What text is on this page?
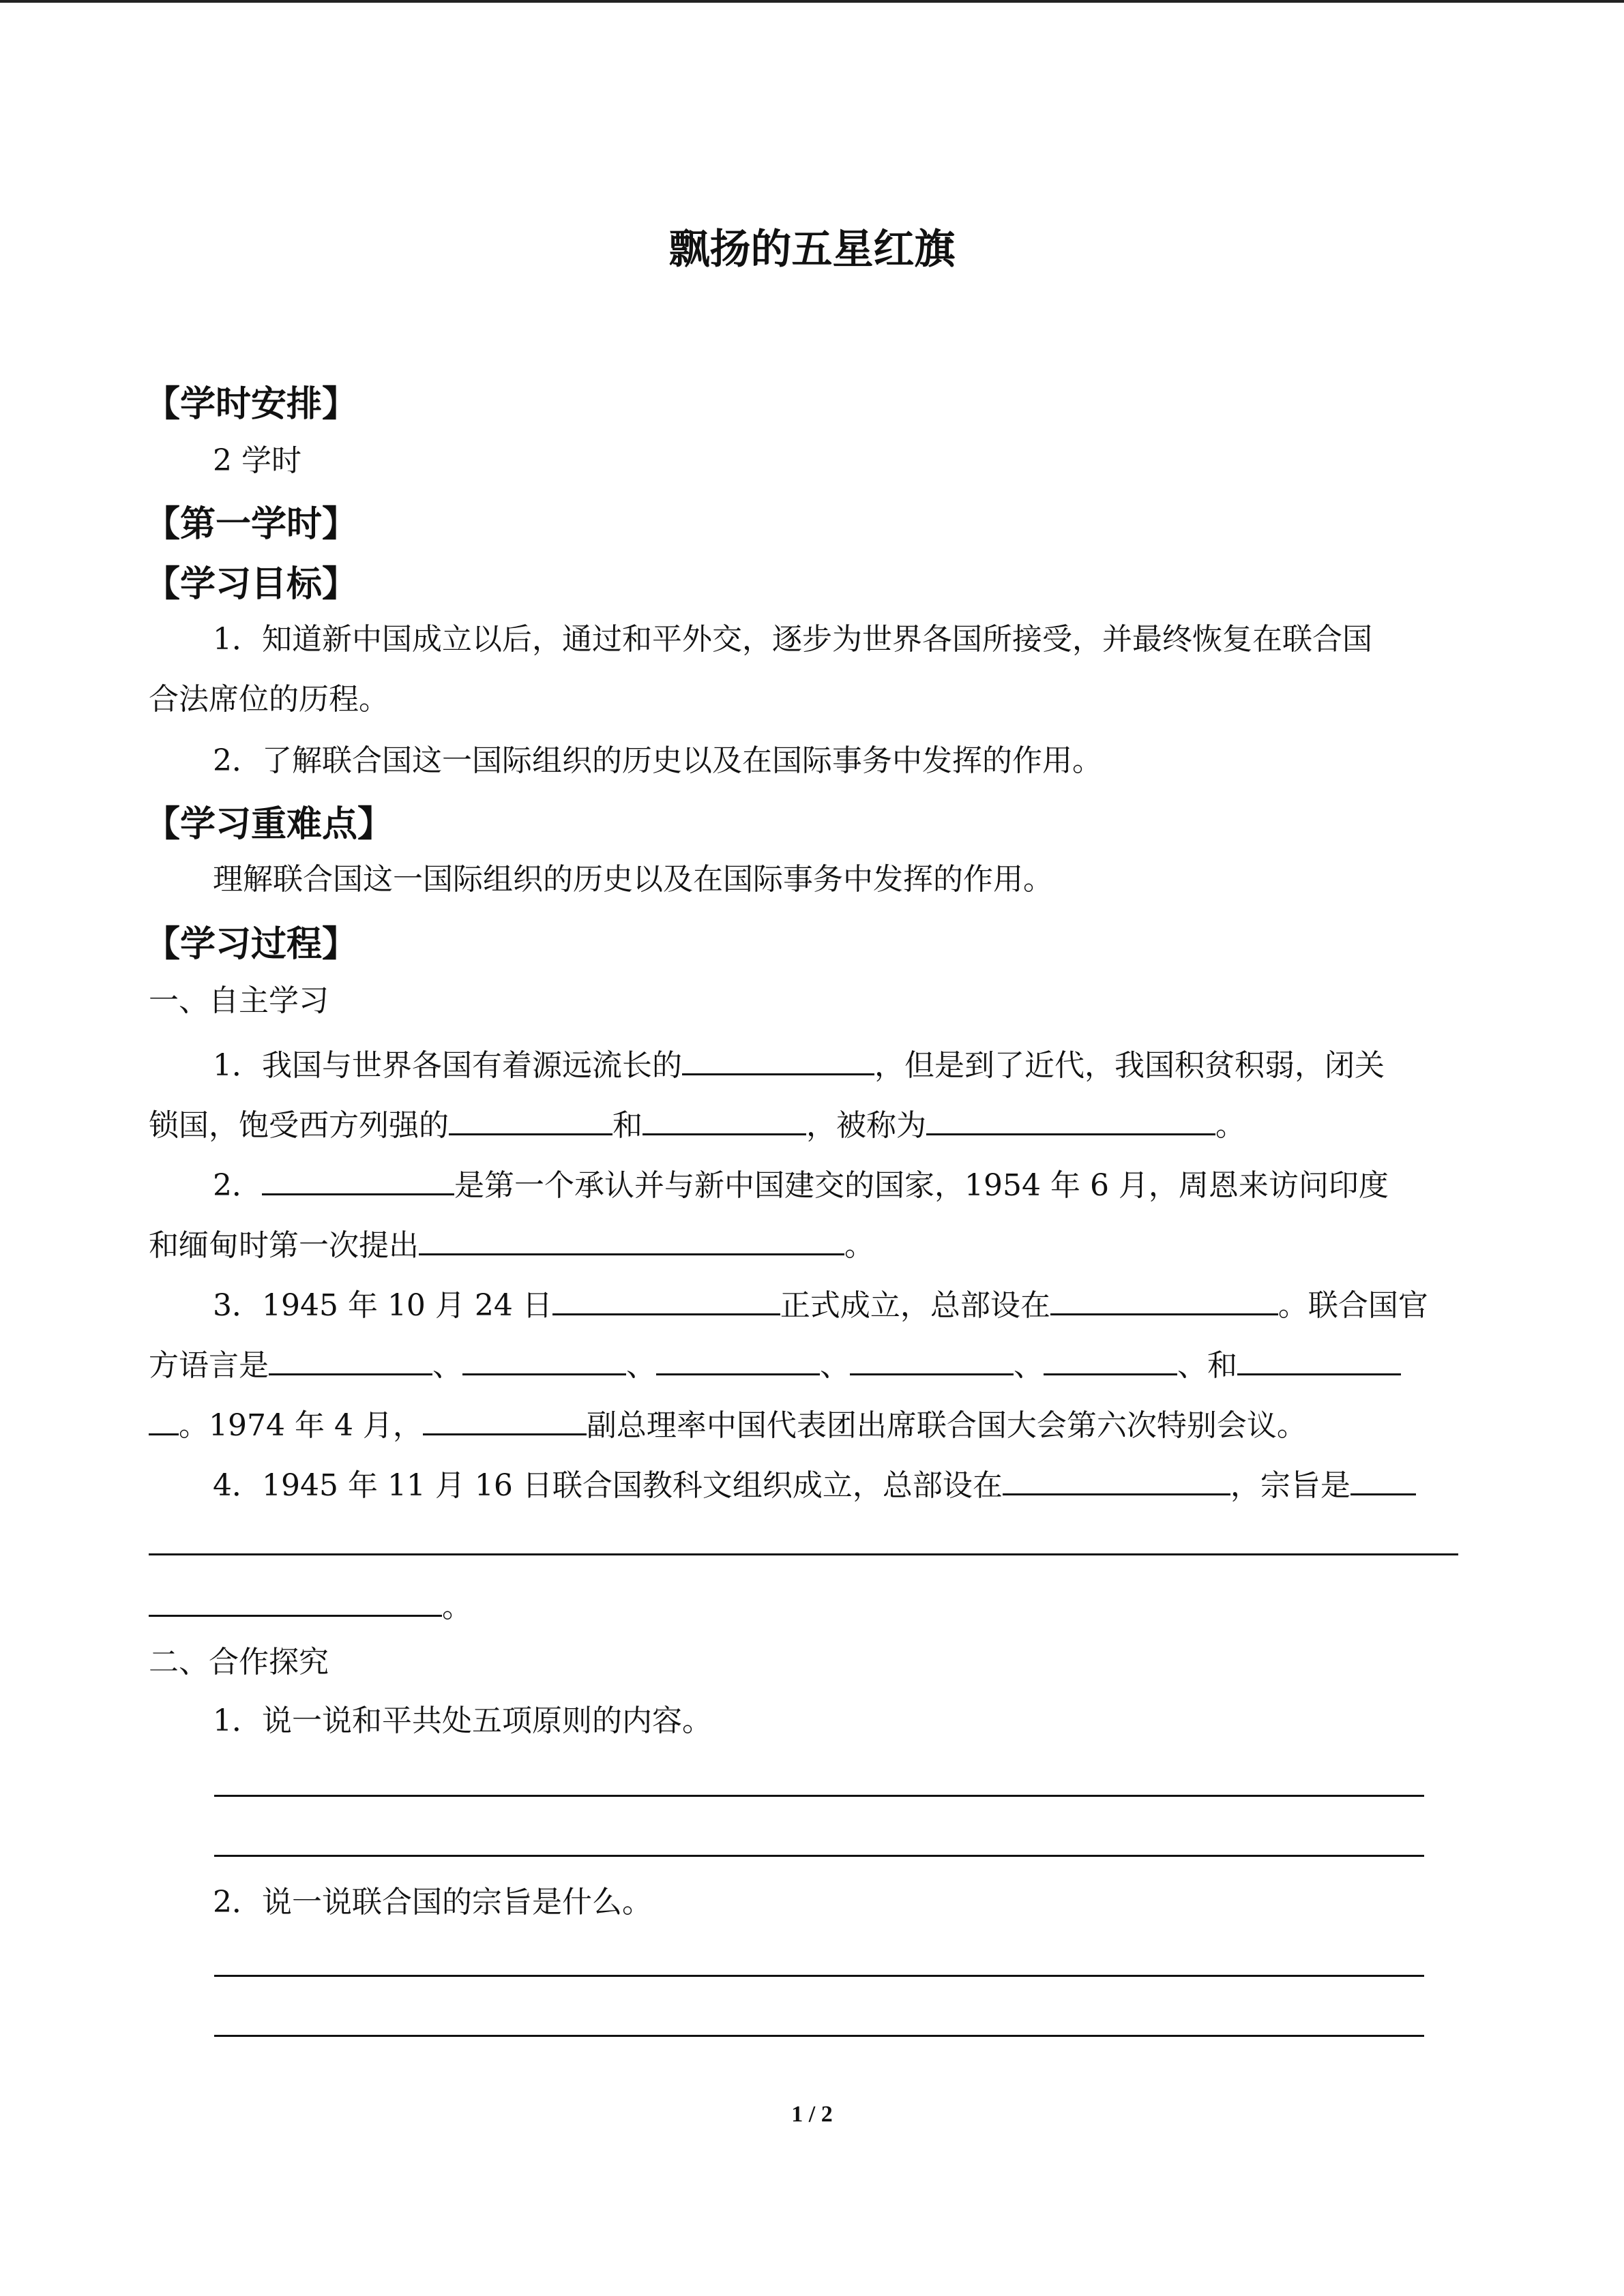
飘扬的五星红旗
【学时安排】
2 学时
【第一学时】
【学习目标】
1．知道新中国成立以后，通过和平外交，逐步为世界各国所接受，并最终恢复在联合国
合法席位的历程。
2．了解联合国这一国际组织的历史以及在国际事务中发挥的作用。
【学习重难点】
理解联合国这一国际组织的历史以及在国际事务中发挥的作用。
【学习过程】
一、自主学习
1．我国与世界各国有着源远流长的	，但是到了近代，我国积贫积弱，闭关
锁国，饱受西方列强的	和	，被称为	。
2．	是第一个承认并与新中国建交的国家，1954 年 6 月，周恩来访问印度
和缅甸时第一次提出	。
3．1945 年 10 月 24 日	正式成立，总部设在	。联合国官
方语言是	、	、	、	、	、和
。1974 年 4 月，	副总理率中国代表团出席联合国大会第六次特别会议。
4．1945 年 11 月 16 日联合国教科文组织成立，总部设在	，宗旨是
。
二、合作探究
1．说一说和平共处五项原则的内容。
2．说一说联合国的宗旨是什么。
1 / 2
